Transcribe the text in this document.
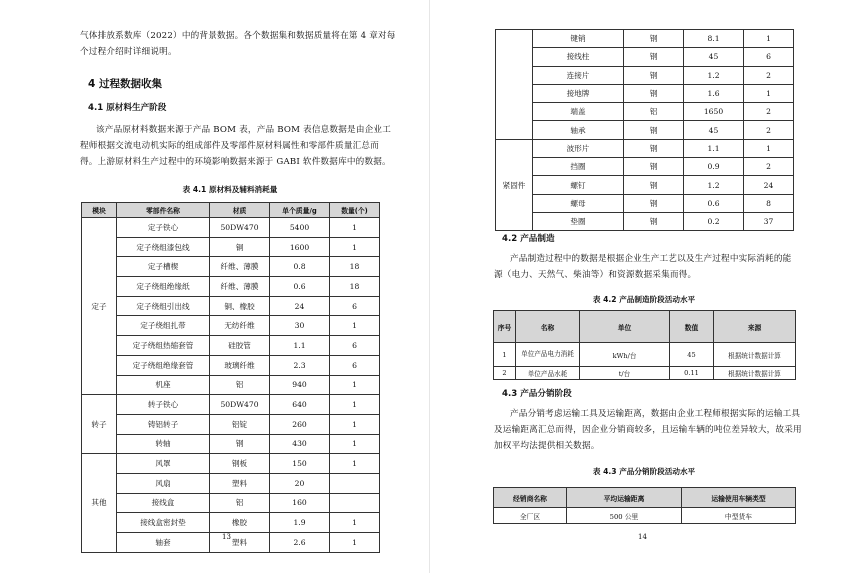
气体排放系数库（2022）中的背景数据。各个数据集和数据质量将在第 4 章对每
个过程介绍时详细说明。

4 过程数据收集
4.1 原材料生产阶段

该产品原材料数据来源于产品 BOM 表，产品 BOM 表信息数据是由企业工
程师根据交流电动机实际的组成部件及零部件原材料属性和零部件质量汇总而
得。上游原材料生产过程中的环境影响数据来源于 GABI 软件数据库中的数据。

表 4.1 原材料及辅料消耗量
模块	零部件名称	材质	单个质量/g	数量(个)
定子	定子铁心	50DW470	5400	1
	定子绕组漆包线	铜	1600	1
	定子槽楔	纤维、薄膜	0.8	18
	定子绕组绝缘纸	纤维、薄膜	0.6	18
	定子绕组引出线	铜、橡胶	24	6
	定子绕组扎带	无纺纤维	30	1
	定子绕组热缩套管	硅胶管	1.1	6
	定子绕组绝缘套管	玻璃纤维	2.3	6
	机座	铝	940	1
转子	转子铁心	50DW470	640	1
	铸铝转子	铝锭	260	1
	转轴	钢	430	1
其他	风罩	钢板	150	1
	风扇	塑料	20	
	接线盒	铝	160	
	接线盒密封垫	橡胶	1.9	1
	轴套	塑料	2.6	1
13
	键销	钢	8.1	1
	接线柱	钢	45	6
	连接片	钢	1.2	2
	接地牌	钢	1.6	1
	端盖	铝	1650	2
	轴承	钢	45	2
紧固件	波形片	钢	1.1	1
	挡圈	钢	0.9	2
	螺钉	钢	1.2	24
	螺母	钢	0.6	8
	垫圈	钢	0.2	37
4.2 产品制造

产品制造过程中的数据是根据企业生产工艺以及生产过程中实际消耗的能
源（电力、天然气、柴油等）和资源数据采集而得。

表 4.2 产品制造阶段活动水平
序号	名称	单位	数值	来源
1	单位产品电力消耗	kWh/台	45	根据统计数据计算
2	单位产品水耗	t/台	0.11	根据统计数据计算
4.3 产品分销阶段

产品分销考虑运输工具及运输距离，数据由企业工程师根据实际的运输工具
及运输距离汇总而得，因企业分销商较多，且运输车辆的吨位差异较大，故采用
加权平均法提供相关数据。

表 4.3 产品分销阶段活动水平
经销商名称	平均运输距离	运输使用车辆类型
全厂区	500 公里	中型货车
14
